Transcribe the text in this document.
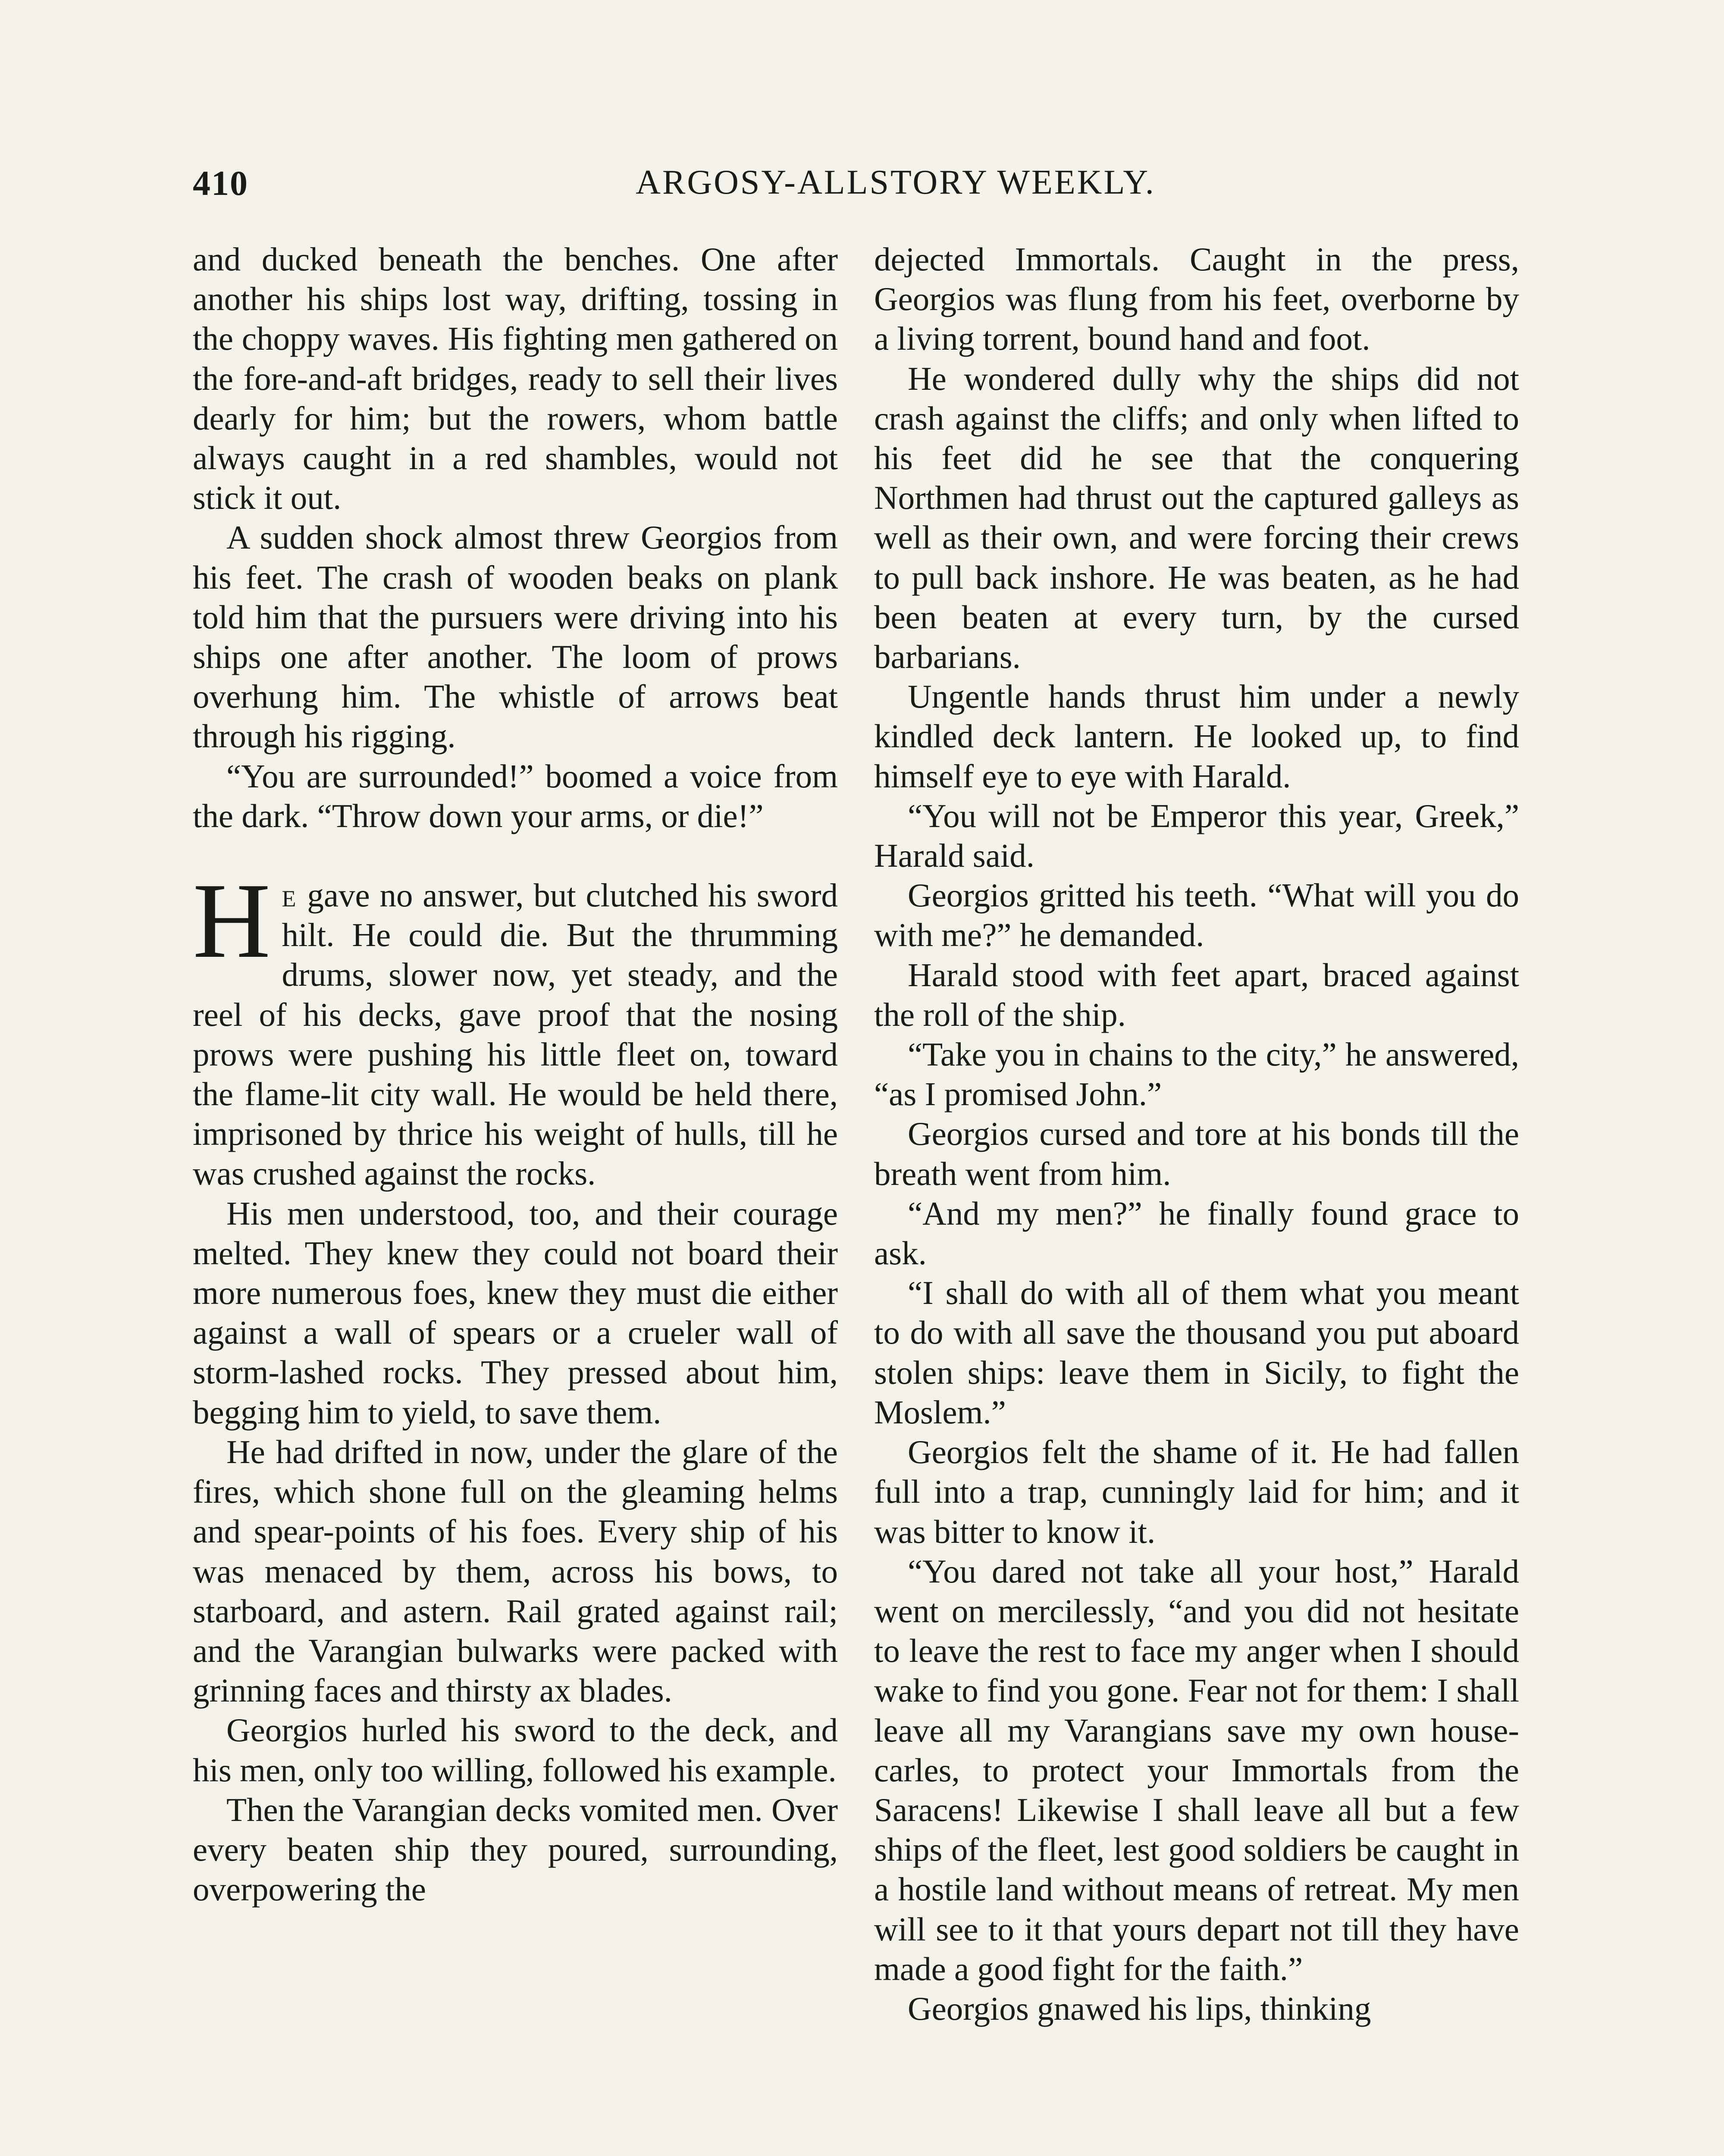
410	ARGOSY-ALLSTORY WEEKLY.

and ducked beneath the benches. One after another his ships lost way, drifting, tossing in the choppy waves. His fighting men gathered on the fore-and-aft bridges, ready to sell their lives dearly for him; but the rowers, whom battle always caught in a red shambles, would not stick it out.

A sudden shock almost threw Georgios from his feet. The crash of wooden beaks on plank told him that the pursuers were driving into his ships one after another. The loom of prows overhung him. The whistle of arrows beat through his rigging.

“You are surrounded!” boomed a voice from the dark. “Throw down your arms, or die!”

He gave no answer, but clutched his sword hilt. He could die. But the thrumming drums, slower now, yet steady, and the reel of his decks, gave proof that the nosing prows were pushing his little fleet on, toward the flame-lit city wall. He would be held there, imprisoned by thrice his weight of hulls, till he was crushed against the rocks.

His men understood, too, and their courage melted. They knew they could not board their more numerous foes, knew they must die either against a wall of spears or a crueler wall of storm-lashed rocks. They pressed about him, begging him to yield, to save them.

He had drifted in now, under the glare of the fires, which shone full on the gleaming helms and spear-points of his foes. Every ship of his was menaced by them, across his bows, to starboard, and astern. Rail grated against rail; and the Varangian bulwarks were packed with grinning faces and thirsty ax blades.

Georgios hurled his sword to the deck, and his men, only too willing, followed his example.

Then the Varangian decks vomited men. Over every beaten ship they poured, surrounding, overpowering the

dejected Immortals. Caught in the press, Georgios was flung from his feet, overborne by a living torrent, bound hand and foot.

He wondered dully why the ships did not crash against the cliffs; and only when lifted to his feet did he see that the conquering Northmen had thrust out the captured galleys as well as their own, and were forcing their crews to pull back inshore. He was beaten, as he had been beaten at every turn, by the cursed barbarians.

Ungentle hands thrust him under a newly kindled deck lantern. He looked up, to find himself eye to eye with Harald.

“You will not be Emperor this year, Greek,” Harald said.

Georgios gritted his teeth. “What will you do with me?” he demanded.

Harald stood with feet apart, braced against the roll of the ship.

“Take you in chains to the city,” he answered, “as I promised John.”

Georgios cursed and tore at his bonds till the breath went from him.

“And my men?” he finally found grace to ask.

“I shall do with all of them what you meant to do with all save the thousand you put aboard stolen ships: leave them in Sicily, to fight the Moslem.”

Georgios felt the shame of it. He had fallen full into a trap, cunningly laid for him; and it was bitter to know it.

“You dared not take all your host,” Harald went on mercilessly, “and you did not hesitate to leave the rest to face my anger when I should wake to find you gone. Fear not for them: I shall leave all my Varangians save my own house-carles, to protect your Immortals from the Saracens! Likewise I shall leave all but a few ships of the fleet, lest good soldiers be caught in a hostile land without means of retreat. My men will see to it that yours depart not till they have made a good fight for the faith.”

Georgios gnawed his lips, thinking
